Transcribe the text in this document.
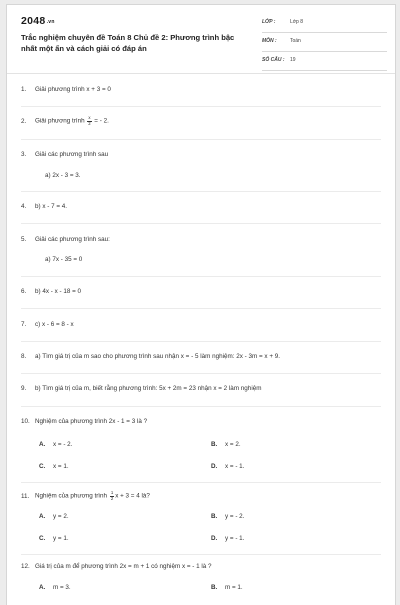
2048.vn
Trắc nghiệm chuyên đề Toán 8 Chủ đề 2: Phương trình bậc nhất một ẩn và cách giải có đáp án
LỚP :	Lớp 8
MÔN :	Toán
SỐ CÂU : 19
1. Giải phương trình x + 3 = 0
2. Giải phương trình $\frac{x}{2}$ = - 2.
3. Giải các phương trình sau
a) 2x - 3 = 3.
4. b) x - 7 = 4.
5. Giải các phương trình sau:
a) 7x - 35 = 0
6. b) 4x - x - 18 = 0
7. c) x - 6 = 8 - x
8. a) Tìm giá trị của m sao cho phương trình sau nhận x = - 5 làm nghiệm: 2x - 3m = x + 9.
9. b) Tìm giá trị của m, biết rằng phương trình: 5x + 2m = 23 nhận x = 2 làm nghiệm
10. Nghiệm của phương trình 2x - 1 = 3 là ?
A. x = - 2.	B. x = 2.
C. x = 1.	D. x = - 1.
11. Nghiệm của phương trình $\frac{1}{2}$ x + 3 = 4 là?
A. y = 2.	B. y = - 2.
C. y = 1.	D. y = - 1.
12. Giá trị của m để phương trình 2x = m + 1 có nghiệm x = - 1 là ?
A. m = 3.	B. m = 1.
